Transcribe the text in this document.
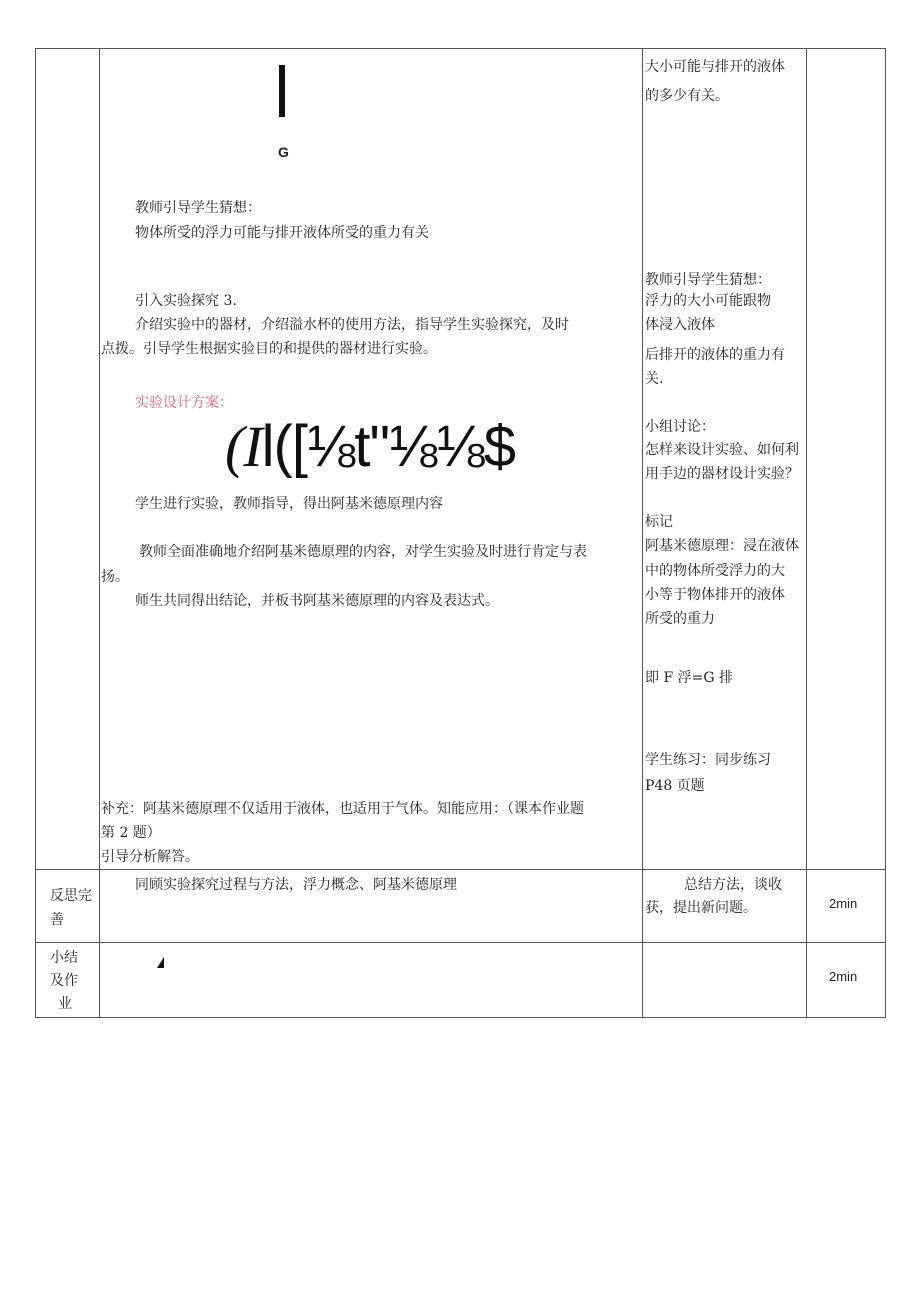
G
教师引导学生猜想：
物体所受的浮力可能与排开液体所受的重力有关
引入实验探究 3.
介绍实验中的器材，介绍溢水杯的使用方法，指导学生实验探究，及时
点拨。引导学生根据实验目的和提供的器材进行实验。
实验设计方案：
(Il([⅛t"⅛⅛$
学生进行实验，教师指导，得出阿基米德原理内容
教师全面准确地介绍阿基米德原理的内容，对学生实验及时进行肯定与表
扬。
师生共同得出结论，并板书阿基米德原理的内容及表达式。
补充：阿基米德原理不仅适用于液体，也适用于气体。知能应用：（课本作业题
第 2 题）
引导分析解答。
大小可能与排开的液体
的多少有关。
教师引导学生猜想：
浮力的大小可能跟物
体浸入液体
后排开的液体的重力有
关.
小组讨论：
怎样来设计实验、如何利
用手边的器材设计实验？
标记
阿基米德原理：浸在液体
中的物体所受浮力的大
小等于物体排开的液体
所受的重力
即 F 浮=G 排
学生练习：同步练习
P48 页题
反思完
善
同顾实验探究过程与方法，浮力概念、阿基米德原理	总结方法，谈收
获，提出新问题。	2min
小结
及作
业
2min
